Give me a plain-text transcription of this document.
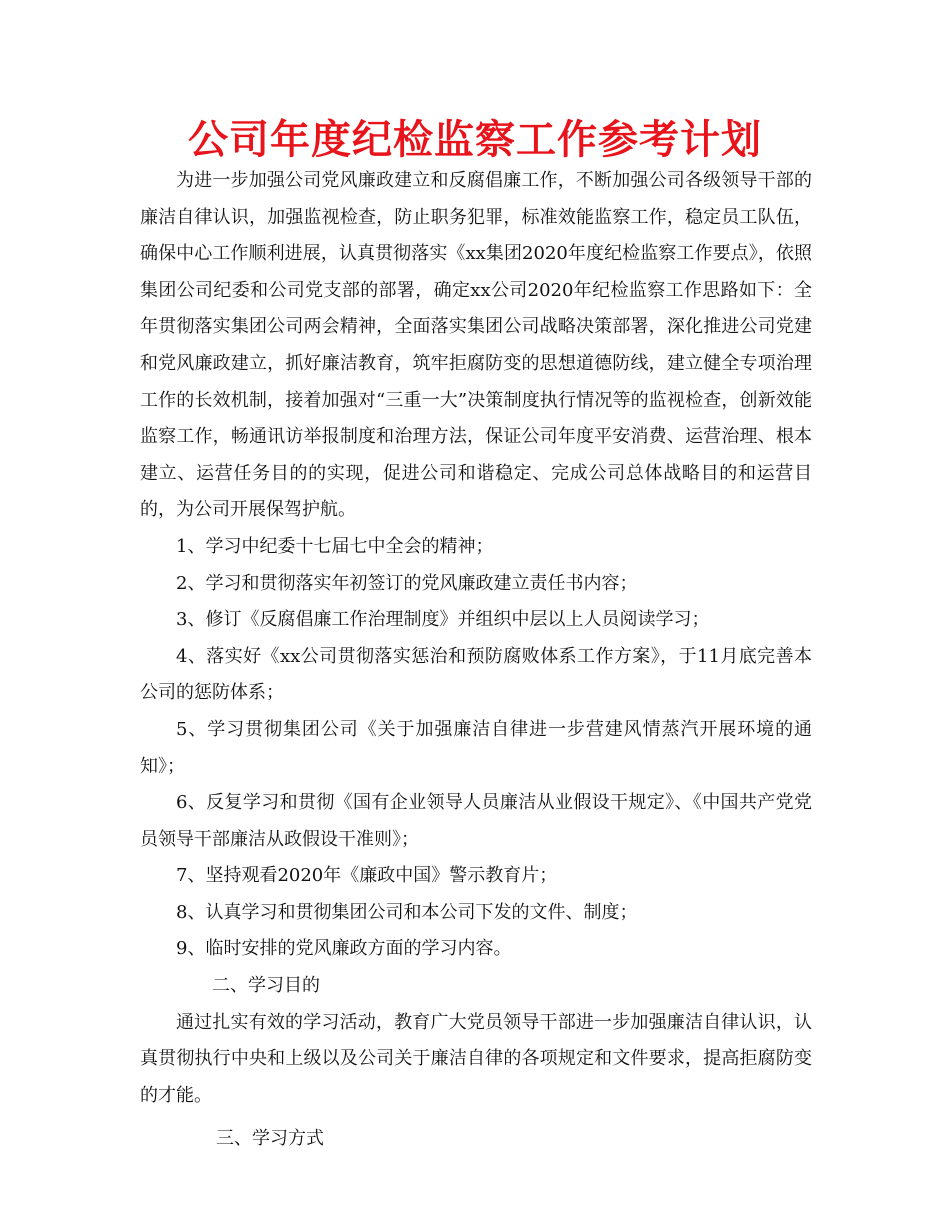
公司年度纪检监察工作参考计划

为进一步加强公司党风廉政建立和反腐倡廉工作，不断加强公司各级领导干部的廉洁自律认识，加强监视检查，防止职务犯罪，标准效能监察工作，稳定员工队伍，确保中心工作顺利进展，认真贯彻落实《xx集团2020年度纪检监察工作要点》，依照集团公司纪委和公司党支部的部署，确定xx公司2020年纪检监察工作思路如下：全年贯彻落实集团公司两会精神，全面落实集团公司战略决策部署，深化推进公司党建和党风廉政建立，抓好廉洁教育，筑牢拒腐防变的思想道德防线，建立健全专项治理工作的长效机制，接着加强对“三重一大”决策制度执行情况等的监视检查，创新效能监察工作，畅通讯访举报制度和治理方法，保证公司年度平安消费、运营治理、根本建立、运营任务目的的实现，促进公司和谐稳定、完成公司总体战略目的和运营目的，为公司开展保驾护航。

1、学习中纪委十七届七中全会的精神；

2、学习和贯彻落实年初签订的党风廉政建立责任书内容；

3、修订《反腐倡廉工作治理制度》并组织中层以上人员阅读学习；

4、落实好《xx公司贯彻落实惩治和预防腐败体系工作方案》，于11月底完善本公司的惩防体系；

5、学习贯彻集团公司《关于加强廉洁自律进一步营建风情蒸汽开展环境的通知》；

6、反复学习和贯彻《国有企业领导人员廉洁从业假设干规定》、《中国共产党党员领导干部廉洁从政假设干准则》；

7、坚持观看2020年《廉政中国》警示教育片；

8、认真学习和贯彻集团公司和本公司下发的文件、制度；

9、临时安排的党风廉政方面的学习内容。

二、学习目的

通过扎实有效的学习活动，教育广大党员领导干部进一步加强廉洁自律认识，认真贯彻执行中央和上级以及公司关于廉洁自律的各项规定和文件要求，提高拒腐防变的才能。

三、学习方式
